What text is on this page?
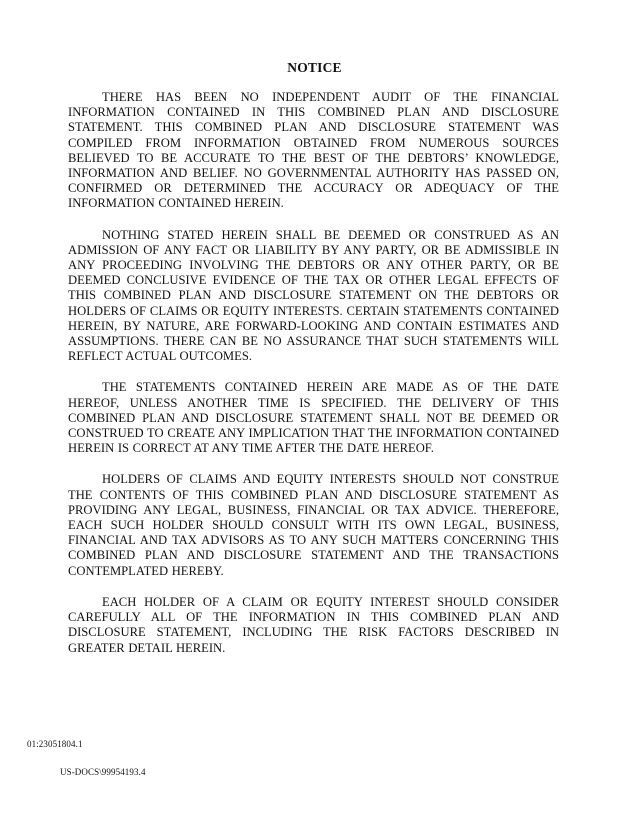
NOTICE

THERE HAS BEEN NO INDEPENDENT AUDIT OF THE FINANCIAL INFORMATION CONTAINED IN THIS COMBINED PLAN AND DISCLOSURE STATEMENT. THIS COMBINED PLAN AND DISCLOSURE STATEMENT WAS COMPILED FROM INFORMATION OBTAINED FROM NUMEROUS SOURCES BELIEVED TO BE ACCURATE TO THE BEST OF THE DEBTORS’ KNOWLEDGE, INFORMATION AND BELIEF. NO GOVERNMENTAL AUTHORITY HAS PASSED ON, CONFIRMED OR DETERMINED THE ACCURACY OR ADEQUACY OF THE INFORMATION CONTAINED HEREIN.

NOTHING STATED HEREIN SHALL BE DEEMED OR CONSTRUED AS AN ADMISSION OF ANY FACT OR LIABILITY BY ANY PARTY, OR BE ADMISSIBLE IN ANY PROCEEDING INVOLVING THE DEBTORS OR ANY OTHER PARTY, OR BE DEEMED CONCLUSIVE EVIDENCE OF THE TAX OR OTHER LEGAL EFFECTS OF THIS COMBINED PLAN AND DISCLOSURE STATEMENT ON THE DEBTORS OR HOLDERS OF CLAIMS OR EQUITY INTERESTS. CERTAIN STATEMENTS CONTAINED HEREIN, BY NATURE, ARE FORWARD-LOOKING AND CONTAIN ESTIMATES AND ASSUMPTIONS. THERE CAN BE NO ASSURANCE THAT SUCH STATEMENTS WILL REFLECT ACTUAL OUTCOMES.

THE STATEMENTS CONTAINED HEREIN ARE MADE AS OF THE DATE HEREOF, UNLESS ANOTHER TIME IS SPECIFIED. THE DELIVERY OF THIS COMBINED PLAN AND DISCLOSURE STATEMENT SHALL NOT BE DEEMED OR CONSTRUED TO CREATE ANY IMPLICATION THAT THE INFORMATION CONTAINED HEREIN IS CORRECT AT ANY TIME AFTER THE DATE HEREOF.

HOLDERS OF CLAIMS AND EQUITY INTERESTS SHOULD NOT CONSTRUE THE CONTENTS OF THIS COMBINED PLAN AND DISCLOSURE STATEMENT AS PROVIDING ANY LEGAL, BUSINESS, FINANCIAL OR TAX ADVICE. THEREFORE, EACH SUCH HOLDER SHOULD CONSULT WITH ITS OWN LEGAL, BUSINESS, FINANCIAL AND TAX ADVISORS AS TO ANY SUCH MATTERS CONCERNING THIS COMBINED PLAN AND DISCLOSURE STATEMENT AND THE TRANSACTIONS CONTEMPLATED HEREBY.

EACH HOLDER OF A CLAIM OR EQUITY INTEREST SHOULD CONSIDER CAREFULLY ALL OF THE INFORMATION IN THIS COMBINED PLAN AND DISCLOSURE STATEMENT, INCLUDING THE RISK FACTORS DESCRIBED IN GREATER DETAIL HEREIN.

01:23051804.1
US-DOCS\99954193.4
